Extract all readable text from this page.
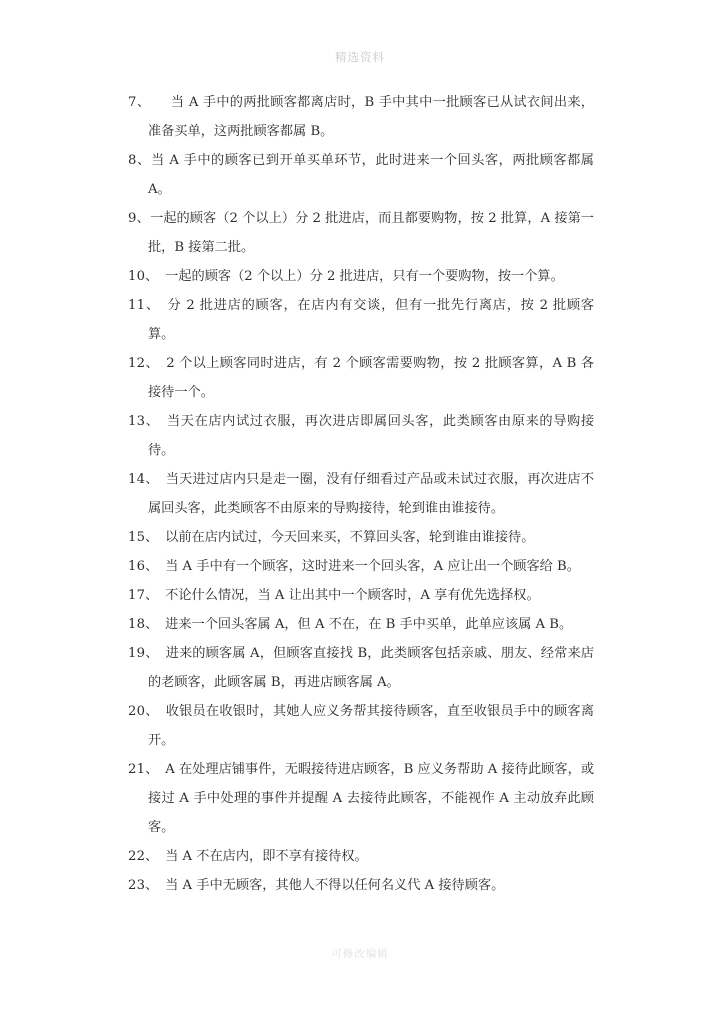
精选资料

7、　　 当 A 手中的两批顾客都离店时，B 手中其中一批顾客已从试衣间出来，准备买单，这两批顾客都属 B。

8、当 A 手中的顾客已到开单买单环节，此时进来一个回头客，两批顾客都属 A。

9、一起的顾客（2 个以上）分 2 批进店，而且都要购物，按 2 批算，A 接第一批，B 接第二批。

10、　 一起的顾客（2 个以上）分 2 批进店，只有一个要购物，按一个算。

11、　 分 2 批进店的顾客，在店内有交谈，但有一批先行离店，按 2 批顾客算。

12、　 2 个以上顾客同时进店，有 2 个顾客需要购物，按 2 批顾客算，A B 各接待一个。

13、　 当天在店内试过衣服，再次进店即属回头客，此类顾客由原来的导购接待。

14、　 当天进过店内只是走一圈，没有仔细看过产品或未试过衣服，再次进店不属回头客，此类顾客不由原来的导购接待，轮到谁由谁接待。

15、　 以前在店内试过，今天回来买，不算回头客，轮到谁由谁接待。

16、　 当 A 手中有一个顾客，这时进来一个回头客，A 应让出一个顾客给 B。

17、　 不论什么情况，当 A 让出其中一个顾客时，A 享有优先选择权。

18、　 进来一个回头客属 A，但 A 不在，在 B 手中买单，此单应该属 A B。

19、　 进来的顾客属 A，但顾客直接找 B，此类顾客包括亲戚、朋友、经常来店的老顾客，此顾客属 B，再进店顾客属 A。

20、　 收银员在收银时，其她人应义务帮其接待顾客，直至收银员手中的顾客离开。

21、　 A 在处理店铺事件，无暇接待进店顾客，B 应义务帮助 A 接待此顾客，或接过 A 手中处理的事件并提醒 A 去接待此顾客，不能视作 A 主动放弃此顾客。

22、　 当 A 不在店内，即不享有接待权。

23、　 当 A 手中无顾客，其他人不得以任何名义代 A 接待顾客。

可修改编辑
